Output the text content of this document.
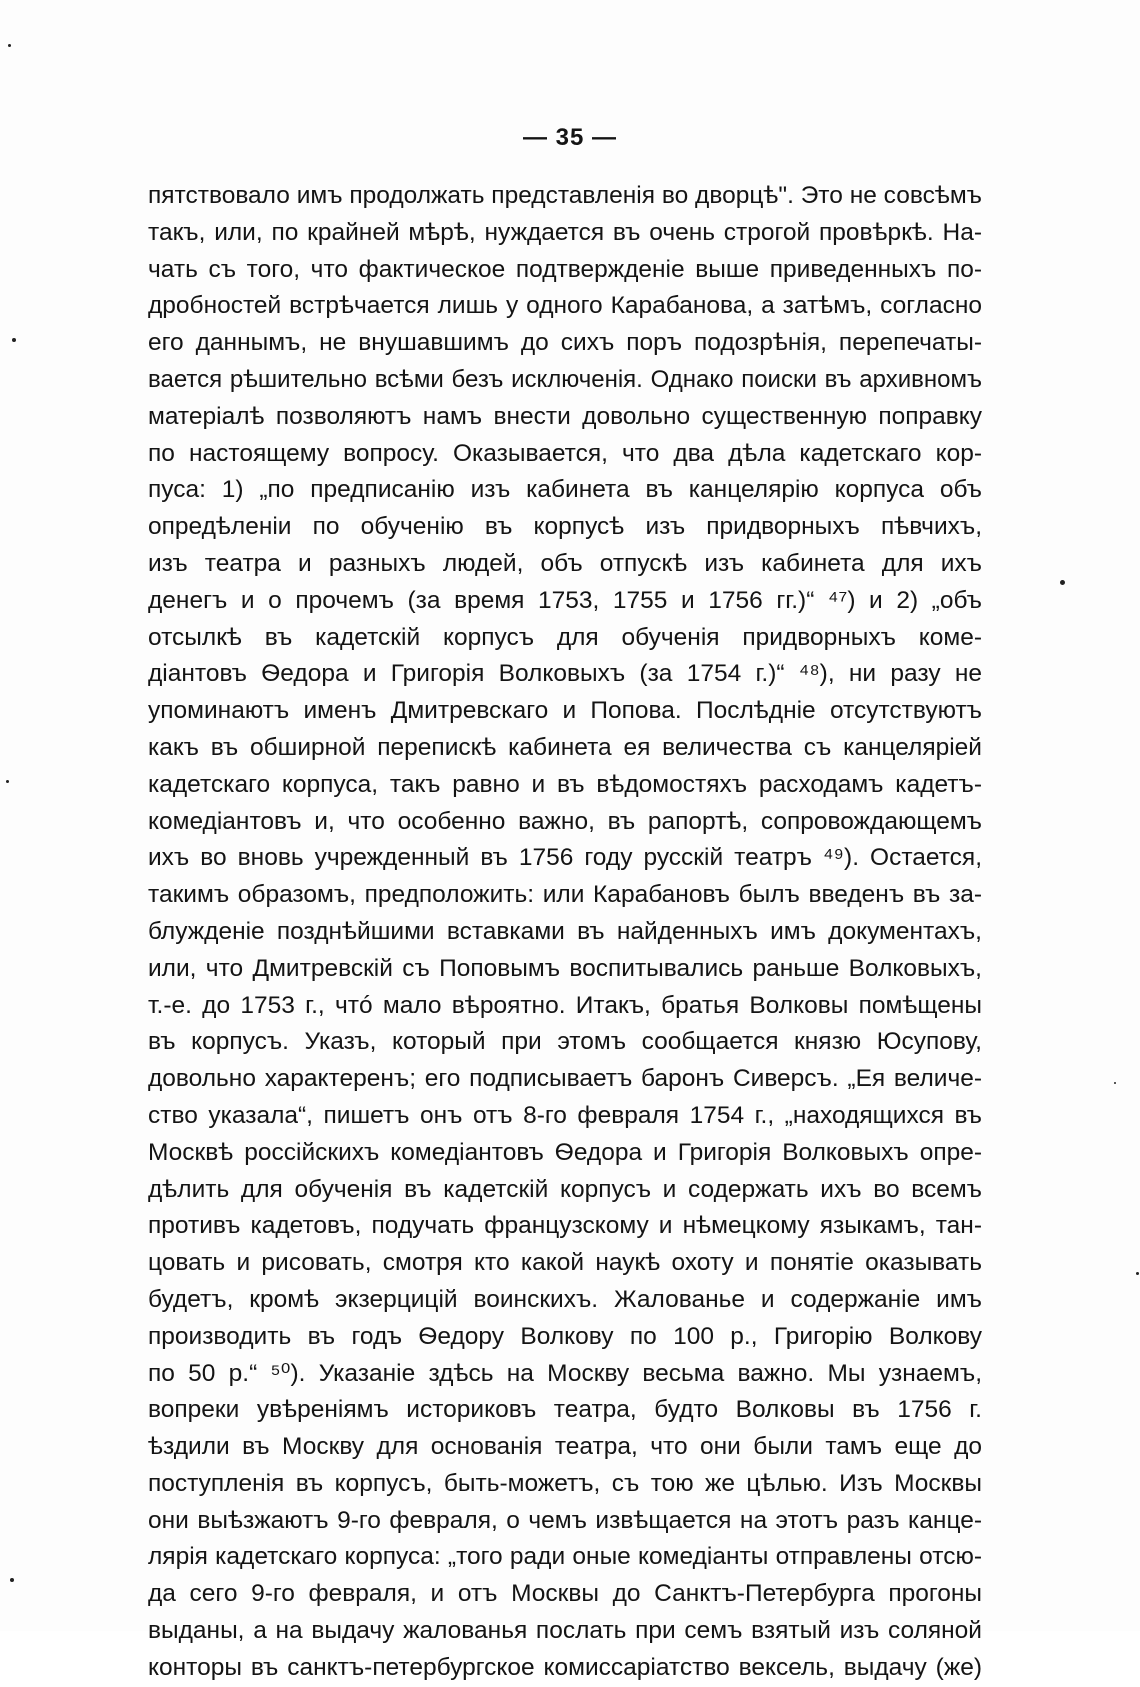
— 35 —
пятствовало имъ продолжать представленія во дворцѣ". Это не совсѣмъ
такъ, или, по крайней мѣрѣ, нуждается въ очень строгой провѣркѣ. На-
чать съ того, что фактическое подтвержденіе выше приведенныхъ по-
дробностей встрѣчается лишь у одного Карабанова, а затѣмъ, согласно
его даннымъ, не внушавшимъ до сихъ поръ подозрѣнія, перепечаты-
вается рѣшительно всѣми безъ исключенія. Однако поиски въ архивномъ
матеріалѣ позволяютъ намъ внести довольно существенную поправку
по настоящему вопросу. Оказывается, что два дѣла кадетскаго кор-
пуса: 1) „по предписанію изъ кабинета въ канцелярію корпуса объ
опредѣленіи по обученію въ корпусѣ изъ придворныхъ пѣвчихъ,
изъ театра и разныхъ людей, объ отпускѣ изъ кабинета для ихъ
денегъ и о прочемъ (за время 1753, 1755 и 1756 гг.)“ ⁴⁷) и 2) „объ
отсылкѣ въ кадетскій корпусъ для обученія придворныхъ коме-
діантовъ Ѳедора и Григорія Волковыхъ (за 1754 г.)“ ⁴⁸), ни разу не
упоминаютъ именъ Дмитревскаго и Попова. Послѣдніе отсутствуютъ
какъ въ обширной перепискѣ кабинета ея величества съ канцеляріей
кадетскаго корпуса, такъ равно и въ вѣдомостяхъ расходамъ кадетъ-
комедіантовъ и, что особенно важно, въ рапортѣ, сопровождающемъ
ихъ во вновь учрежденный въ 1756 году русскій театръ ⁴⁹). Остается,
такимъ образомъ, предположить: или Карабановъ былъ введенъ въ за-
блужденіе позднѣйшими вставками въ найденныхъ имъ документахъ,
или, что Дмитревскій съ Поповымъ воспитывались раньше Волковыхъ,
т.-е. до 1753 г., чтó мало вѣроятно. Итакъ, братья Волковы помѣщены
въ корпусъ. Указъ, который при этомъ сообщается князю Юсупову,
довольно характеренъ; его подписываетъ баронъ Сиверсъ. „Ея величе-
ство указала“, пишетъ онъ отъ 8-го февраля 1754 г., „находящихся въ
Москвѣ россійскихъ комедіантовъ Ѳедора и Григорія Волковыхъ опре-
дѣлить для обученія въ кадетскій корпусъ и содержать ихъ во всемъ
противъ кадетовъ, подучать французскому и нѣмецкому языкамъ, тан-
цовать и рисовать, смотря кто какой наукѣ охоту и понятіе оказывать
будетъ, кромѣ экзерцицій воинскихъ. Жалованье и содержаніе имъ
производить въ годъ Ѳедору Волкову по 100 р., Григорію Волкову
по 50 р.“ ⁵⁰). Указаніе здѣсь на Москву весьма важно. Мы узнаемъ,
вопреки увѣреніямъ историковъ театра, будто Волковы въ 1756 г.
ѣздили въ Москву для основанія театра, что они были тамъ еще до
поступленія въ корпусъ, быть-можетъ, съ тою же цѣлью. Изъ Москвы
они выѣзжаютъ 9-го февраля, о чемъ извѣщается на этотъ разъ канце-
лярія кадетскаго корпуса: „того ради оные комедіанты отправлены отсю-
да сего 9-го февраля, и отъ Москвы до Санктъ-Петербурга прогоны
выданы, а на выдачу жалованья послать при семъ взятый изъ соляной
конторы въ санктъ-петербургское комиссаріатство вексель, выдачу (же)
